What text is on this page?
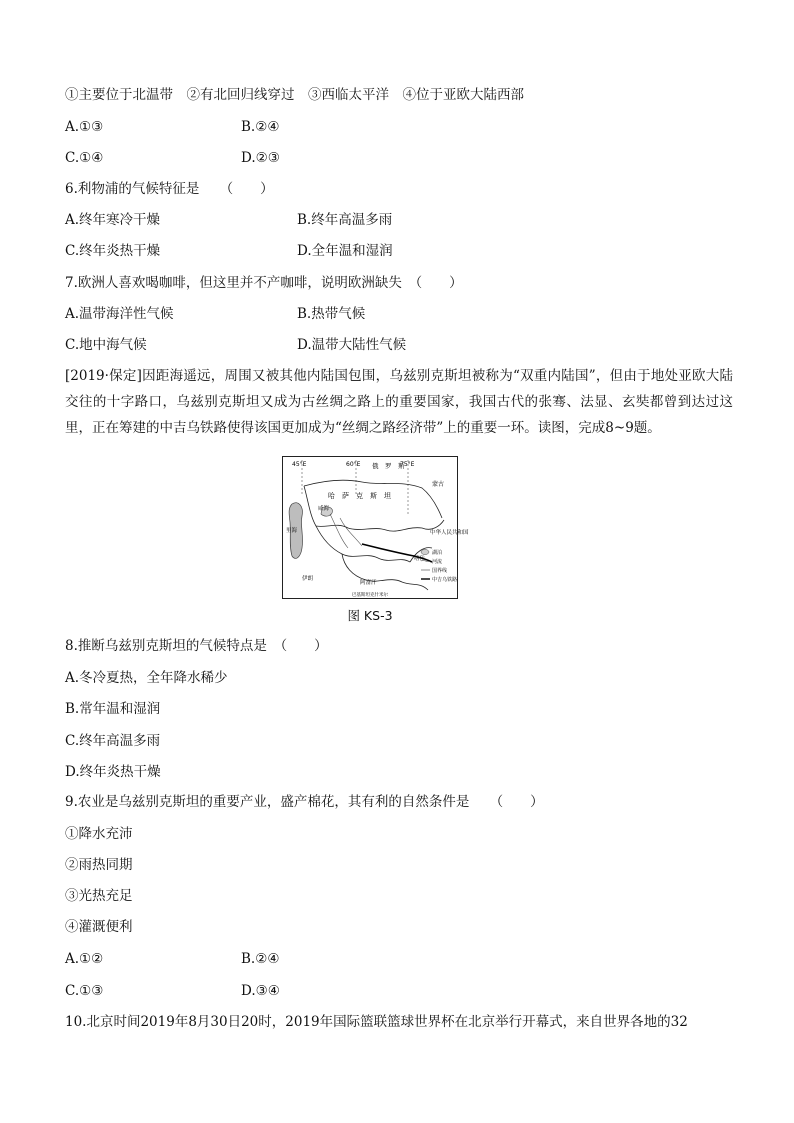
①主要位于北温带　②有北回归线穿过　③西临太平洋　④位于亚欧大陆西部
A.①③	B.②④
C.①④	D.②③
6.利物浦的气候特征是　　（　　）
A.终年寒冷干燥	B.终年高温多雨
C.终年炎热干燥	D.全年温和湿润
7.欧洲人喜欢喝咖啡，但这里并不产咖啡，说明欧洲缺失　（　　）
A.温带海洋性气候	B.热带气候
C.地中海气候	D.温带大陆性气候
[2019·保定]因距海遥远，周围又被其他内陆国包围，乌兹别克斯坦被称为“双重内陆国”，但由于地处亚欧大陆交往的十字路口，乌兹别克斯坦又成为古丝绸之路上的重要国家，我国古代的张骞、法显、玄奘都曾到达过这里，正在筹建的中吉乌铁路使得该国更加成为“丝绸之路经济带”上的重要一环。读图，完成8~9题。
45°E	60°E	75°E
俄　罗　斯
哈　萨　克　斯　坦
蒙古
中华人民共和国
咸海
里海
喀什
伊朗
阿富汗
湖泊
河流
国界线
中吉乌铁路
巴基斯坦克什米尔
图 KS-3
8.推断乌兹别克斯坦的气候特点是　（　　）
A.冬冷夏热，全年降水稀少
B.常年温和湿润
C.终年高温多雨
D.终年炎热干燥
9.农业是乌兹别克斯坦的重要产业，盛产棉花，其有利的自然条件是　　（　　）
①降水充沛
②雨热同期
③光热充足
④灌溉便利
A.①②	B.②④
C.①③	D.③④
10.北京时间2019年8月30日20时，2019年国际篮联篮球世界杯在北京举行开幕式，来自世界各地的32
